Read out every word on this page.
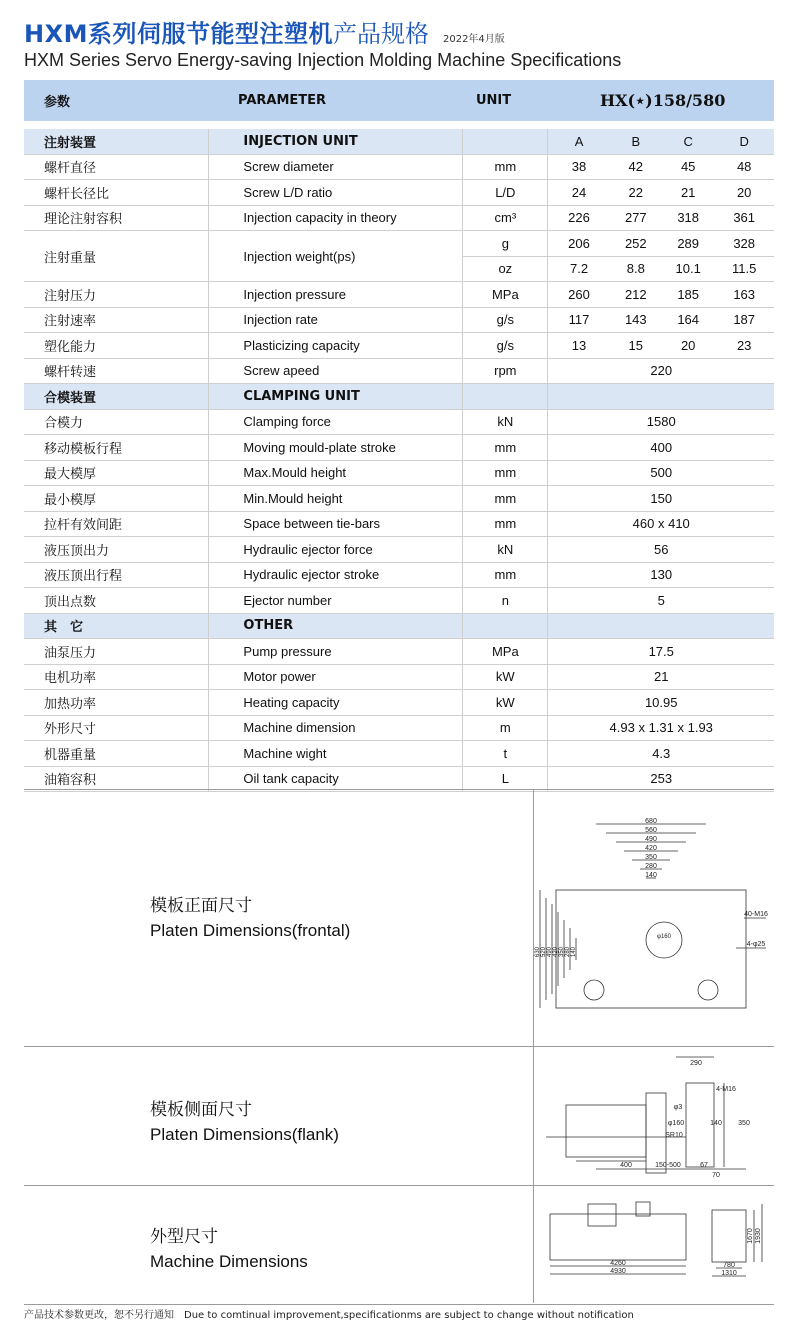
HXM系列伺服节能型注塑机 产品规格 2022年4月版
HXM Series Servo Energy-saving Injection Molding Machine Specifications
参数	PARAMETER	UNIT	HX(⋆)158/580
注射装置	INJECTION UNIT		A	B	C	D
螺杆直径	Screw diameter	mm	38	42	45	48
螺杆长径比	Screw L/D ratio	L/D	24	22	21	20
理论注射容积	Injection capacity in theory	cm³	226	277	318	361
注射重量	Injection weight(ps)	g	206	252	289	328
		oz	7.2	8.8	10.1	11.5
注射压力	Injection pressure	MPa	260	212	185	163
注射速率	Injection rate	g/s	117	143	164	187
塑化能力	Plasticizing capacity	g/s	13	15	20	23
螺杆转速	Screw apeed	rpm	220			
合模装置	CLAMPING UNIT					
合模力	Clamping force	kN	1580			
移动模板行程	Moving mould-plate stroke	mm	400			
最大模厚	Max.Mould height	mm	500			
最小模厚	Min.Mould height	mm	150			
拉杆有效间距	Space between tie-bars	mm	460 x 410			
液压顶出力	Hydraulic ejector force	kN	56			
液压顶出行程	Hydraulic ejector stroke	mm	130			
顶出点数	Ejector number	n	5			
其　它	OTHER					
油泵压力	Pump pressure	MPa	17.5			
电机功率	Motor power	kW	21			
加热功率	Heating capacity	kW	10.95			
外形尺寸	Machine dimension	m	4.93 x 1.31 x 1.93			
机器重量	Machine wight	t	4.3			
油箱容积	Oil tank capacity	L	253			
模板正面尺寸
Platen Dimensions(frontal)
680
560
490
420
350
280
140
φ160
40-M16
4-φ25
630 520 490 420 350 280 140
模板侧面尺寸
Platen Dimensions(flank)
290
4-M16
φ3
φ160
SR10
140 350
400	150-500	67
70
外型尺寸
Machine Dimensions	4260
4930
780
1310
1670 1930
产品技术参数更改，恕不另行通知　Due to comtinual improvement,specificationms are subject to change without notification
